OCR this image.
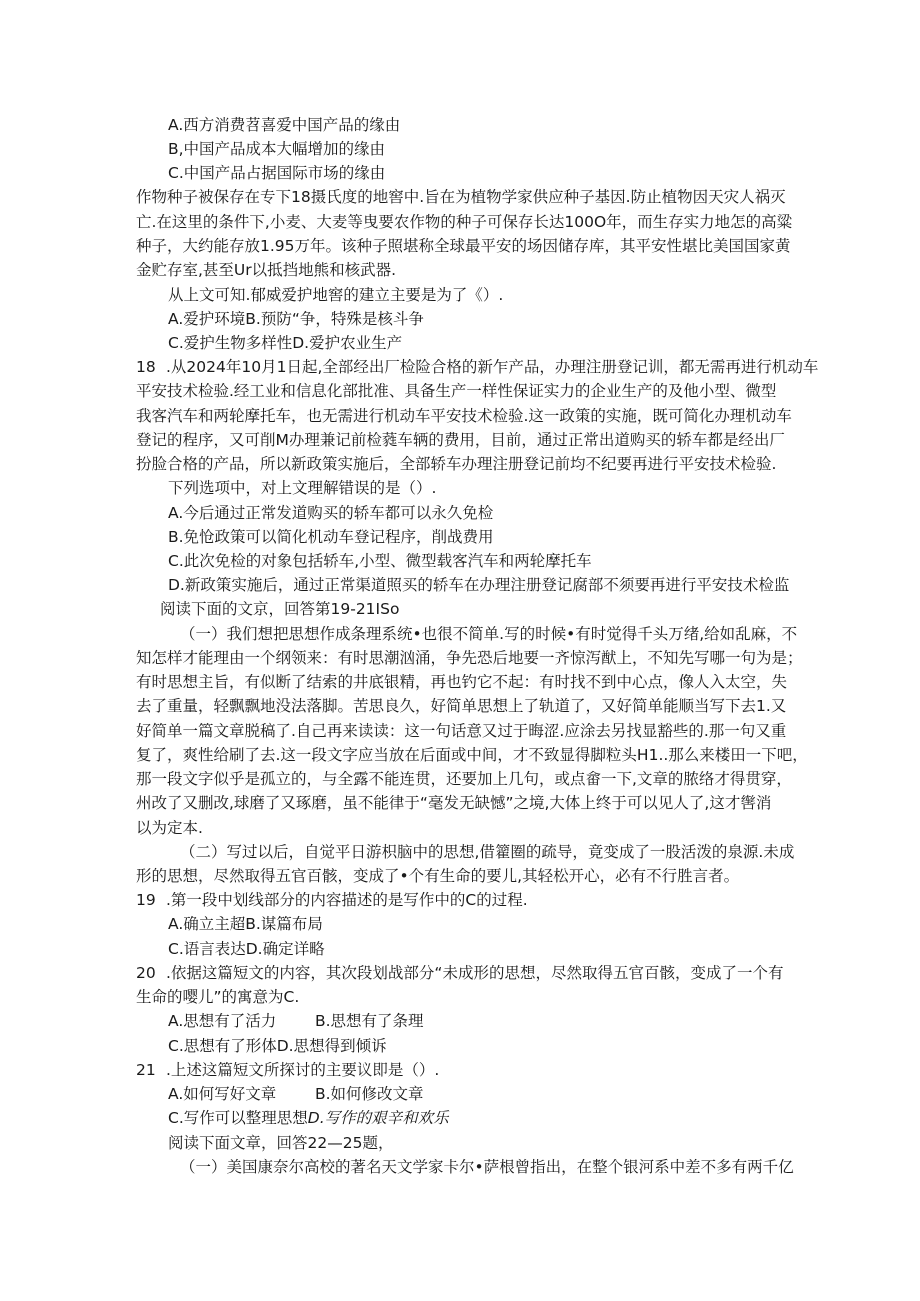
A.西方消费苕喜爱中国产品的缘由
B,中国产品成本大幅增加的缘由
C.中国产品占据国际市场的缘由
作物种子被保存在专下18摄氏度的地窖中.旨在为植物学家供应种子基因.防止植物因天灾人祸灭
亡.在这里的条件下,小麦、大麦等曳要农作物的种子可保存长达100O年，而生存实力地怎的高粱
种子，大约能存放1.95万年。该种子照堪称全球最平安的场因储存库，其平安性堪比美国国家黄
金贮存室,甚至Ur以抵挡地熊和核武器.
从上文可知.郁威爱护地窖的建立主要是为了《）.
A.爱护环境B.预防“争，特殊是核斗争
C.爱护生物多样性D.爱护农业生产
18 .从2024年10月1日起,全部经出厂检险合格的新乍产品，办理注册登记训，都无需再进行机动车
平安技术检验.经工业和信息化部批准、具备生产一样性保证实力的企业生产的及他小型、微型
我客汽车和两轮摩托车，也无需进行机动车平安技术检验.这一政策的实施，既可简化办理机动车
登记的程序，又可削M办理兼记前检蕤车辆的费用，目前，通过正常出道购买的轿车都是经出厂
扮脸合格的产品，所以新政策实施后，全部轿车办理注册登记前均不纪要再进行平安技术检验.
下列选项中，对上文理解错误的是（）.
A.今后通过正常发道购买的轿车都可以永久免检
B.免怆政策可以简化机动车登记程序，削战费用
C.此次免检的对象包括轿车,小型、微型载客汽车和两轮摩托车
D.新政策实施后，通过正常渠道照买的轿车在办理注册登记腐部不须要再进行平安技术检监
阅读下面的文京，回答第19-21ISo
（一）我们想把思想作成条理系统•也很不简单.写的时候•有时觉得千头万绪,给如乱麻，不
知怎样才能理由一个纲领来：有时思潮汹涌，争先恐后地要一齐惊泻猷上，不知先写哪一句为是；
有时思想主旨，有似断了结索的井底银精，再也钓它不起：有时找不到中心点，像人入太空，失
去了重量，轻飘飘地没法落脚。苦思良久，好简单思想上了轨道了，又好简单能顺当写下去1.又
好简单一篇文章脱稿了.自己再来读读：这一句话意又过于晦涩.应涂去另找显豁些的.那一句又重
复了，爽性给刷了去.这一段文字应当放在后面或中间，才不致显得脚粒头H1..那么来楼田一下吧，
那一段文字似乎是孤立的，与全露不能连贯，还要加上几句，或点畲一下,文章的脓络才得贯穿，
州改了又删改,球磨了又琢磨，虽不能律于“毫发无缺憾”之境,大体上终于可以见人了,这才辔消
以为定本.
（二）写过以后，自觉平日游枳脑中的思想,借籊圈的疏导，竟变成了一股活泼的泉源.未成
形的思想，尽然取得五官百骸，变成了•个有生命的要儿,其轻松开心，必有不行胜言者。
19 .第一段中划线部分的内容描述的是写作中的C的过程.
A.确立主超B.谋篇布局
C.语言表达D.确定详略
20 .依据这篇短文的内容，其次段划战部分“未成形的思想，尽然取得五官百骸，变成了一个有
生命的嘤儿”的寓意为C.
A.思想有了活力 B.思想有了条理
C.思想有了形体D.思想得到倾诉
21 .上述这篇短文所探讨的主要议即是（）.
A.如何写好文章 B.如何修改文章
C.写作可以整理思想D.写作的艰辛和欢乐
阅读下面文章，回答22—25题，
（一）美国康奈尔高校的著名天文学家卡尔•萨根曾指出，在整个银河系中差不多有两千亿
